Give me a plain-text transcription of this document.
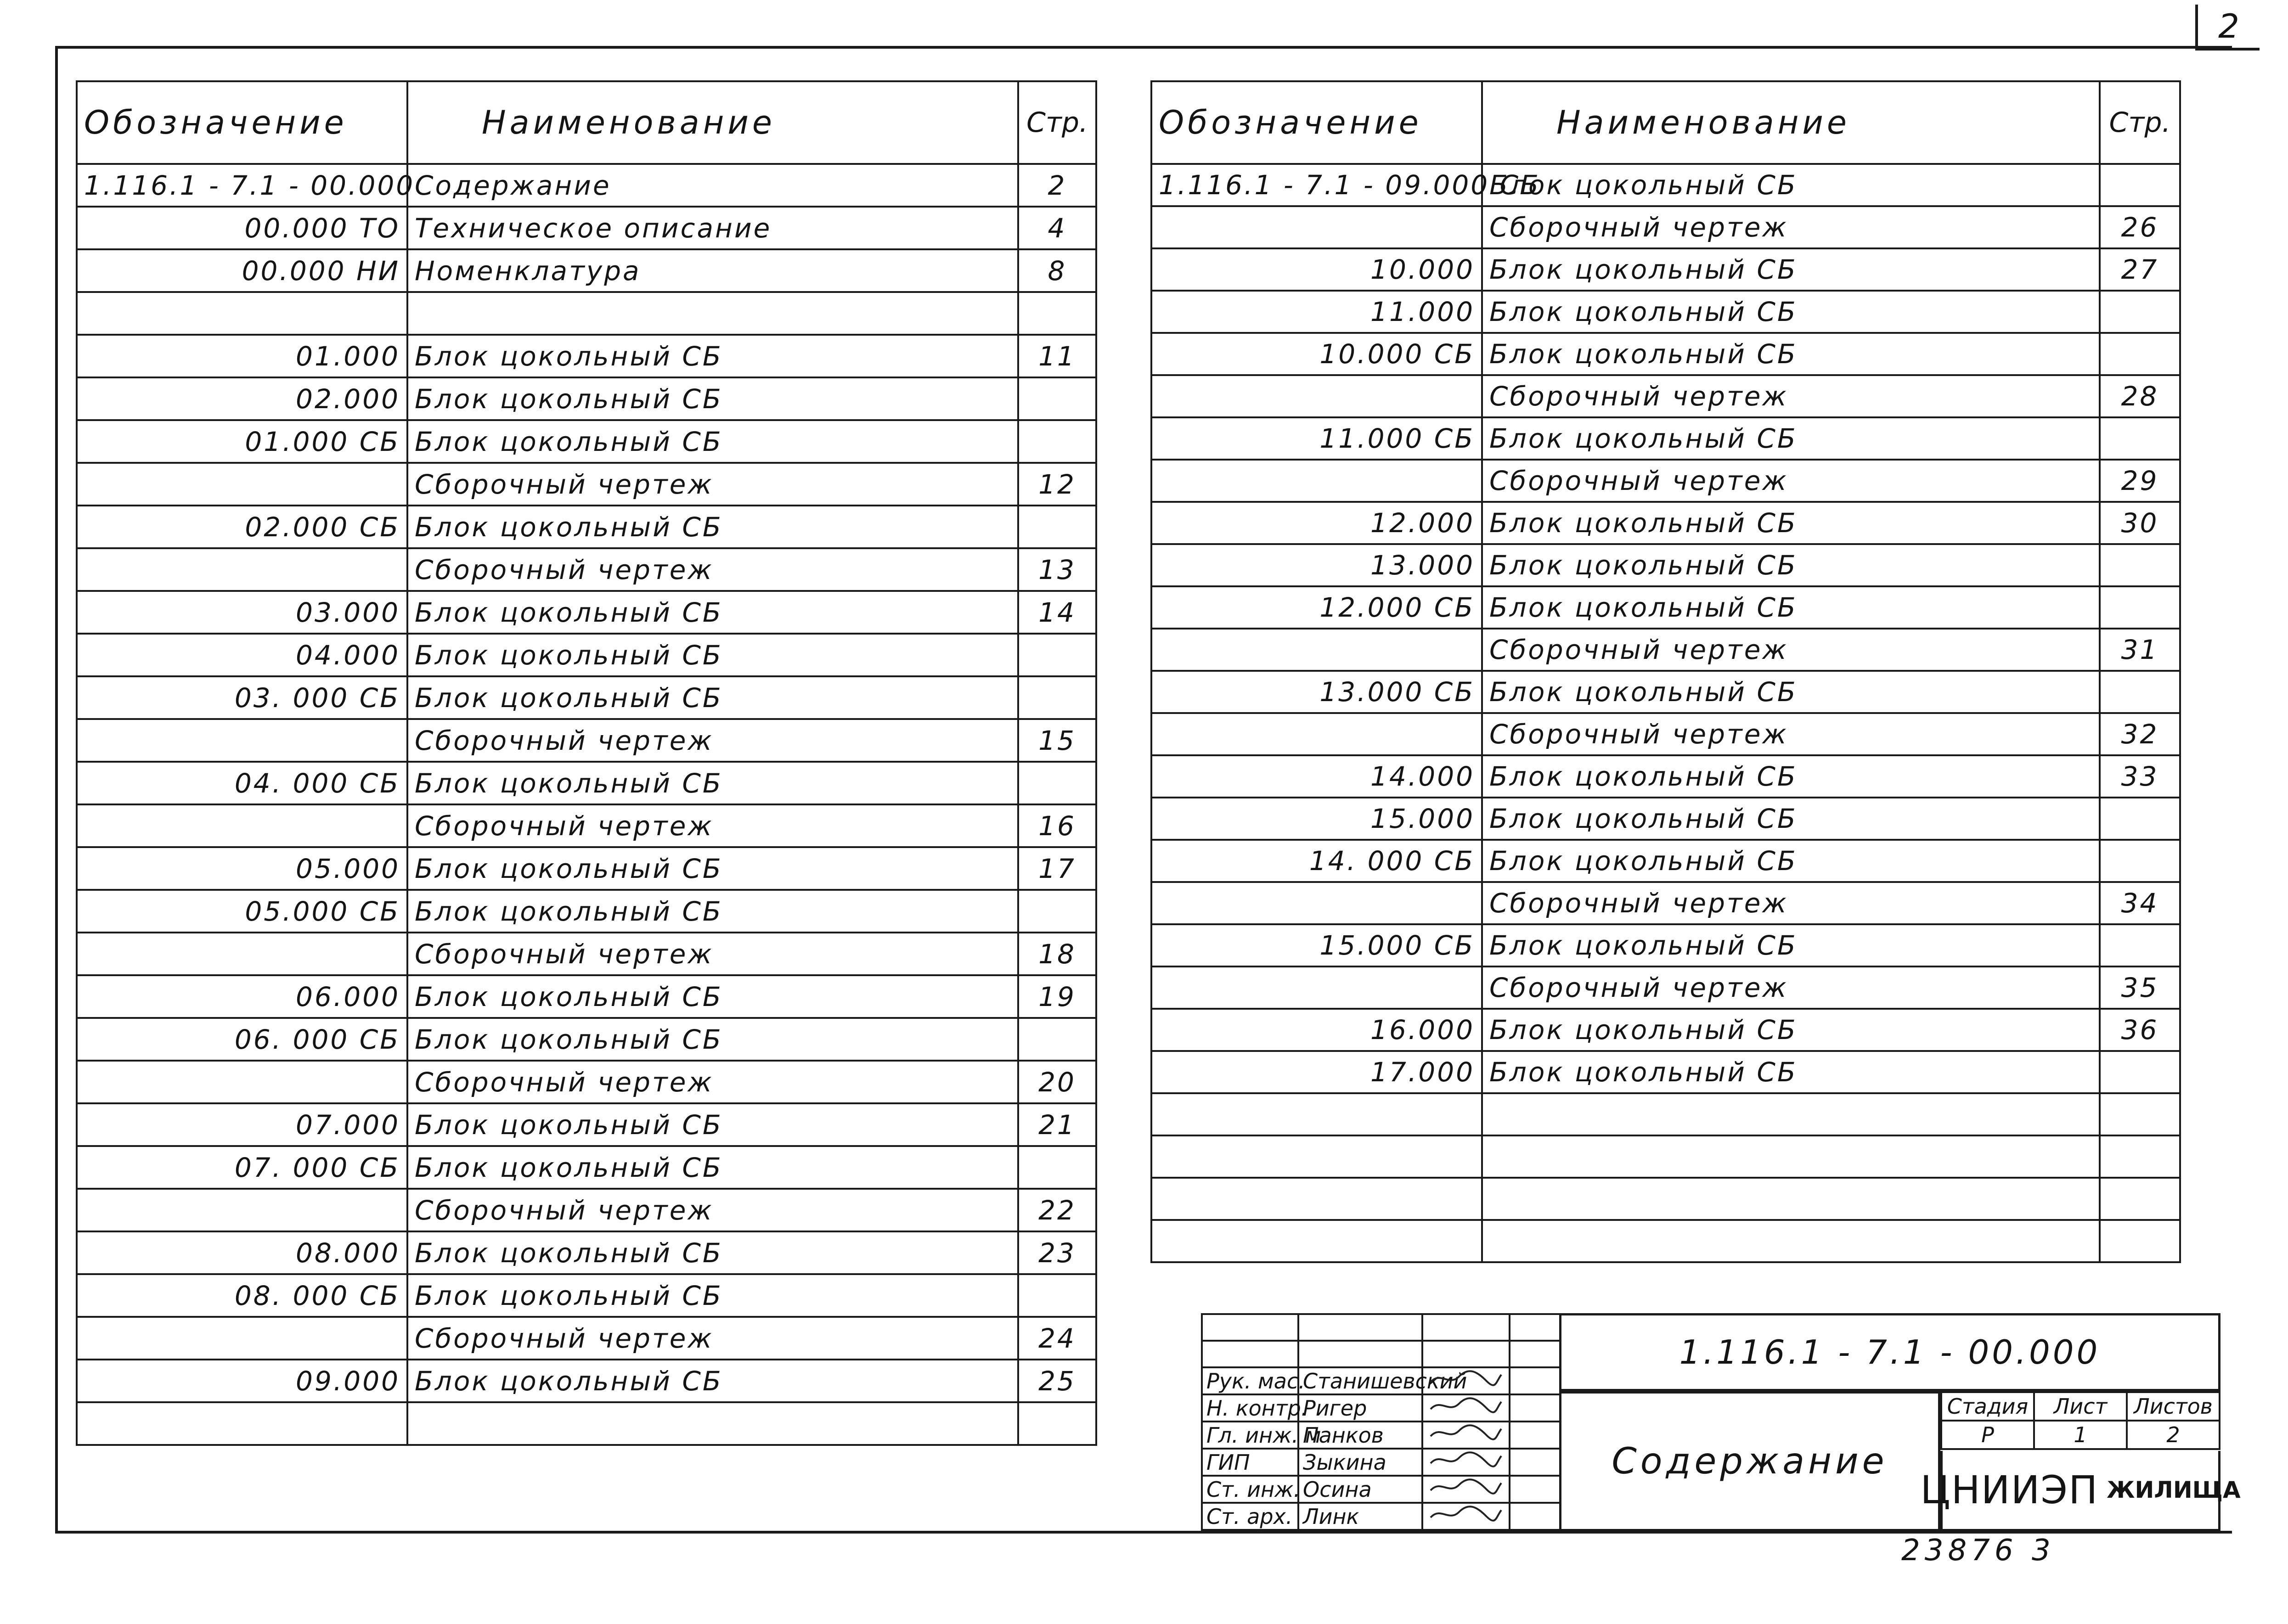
2
Обозначение	Наименование	Стр.
1.116.1 - 7.1 - 00.000	Содержание	2
00.000 ТО	Техническое описание	4
00.000 НИ	Номенклатура	8

01.000	Блок цокольный СБ	11
02.000	Блок цокольный СБ	
01.000 СБ	Блок цокольный СБ	
	Сборочный чертеж	12
02.000 СБ	Блок цокольный СБ	
	Сборочный чертеж	13
03.000	Блок цокольный СБ	14
04.000	Блок цокольный СБ	
03. 000 СБ	Блок цокольный СБ	
	Сборочный чертеж	15
04. 000 СБ	Блок цокольный СБ	
	Сборочный чертеж	16
05.000	Блок цокольный СБ	17
05.000 СБ	Блок цокольный СБ	
	Сборочный чертеж	18
06.000	Блок цокольный СБ	19
06. 000 СБ	Блок цокольный СБ	
	Сборочный чертеж	20
07.000	Блок цокольный СБ	21
07. 000 СБ	Блок цокольный СБ	
	Сборочный чертеж	22
08.000	Блок цокольный СБ	23
08. 000 СБ	Блок цокольный СБ	
	Сборочный чертеж	24
09.000	Блок цокольный СБ	25

Обозначение	Наименование	Стр.
1.116.1 - 7.1 - 09.000 СБ	Блок цокольный СБ	
	Сборочный чертеж	26
10.000	Блок цокольный СБ	27
11.000	Блок цокольный СБ	
10.000 СБ	Блок цокольный СБ	
	Сборочный чертеж	28
11.000 СБ	Блок цокольный СБ	
	Сборочный чертеж	29
12.000	Блок цокольный СБ	30
13.000	Блок цокольный СБ	
12.000 СБ	Блок цокольный СБ	
	Сборочный чертеж	31
13.000 СБ	Блок цокольный СБ	
	Сборочный чертеж	32
14.000	Блок цокольный СБ	33
15.000	Блок цокольный СБ	
14. 000 СБ	Блок цокольный СБ	
	Сборочный чертеж	34
15.000 СБ	Блок цокольный СБ	
	Сборочный чертеж	35
16.000	Блок цокольный СБ	36
17.000	Блок цокольный СБ	

Рук. мас.	Станишевский		
Н. контр.	Ригер		
Гл. инж. м	Панков		
ГИП	Зыкина		
Ст. инж.	Осина		
Ст. арх.	Линк		
1.116.1 - 7.1 - 00.000
Содержание
Стадия	Лист	Листов
Р	1	2
ЦНИИЭП ЖИЛИЩА
23876 3
